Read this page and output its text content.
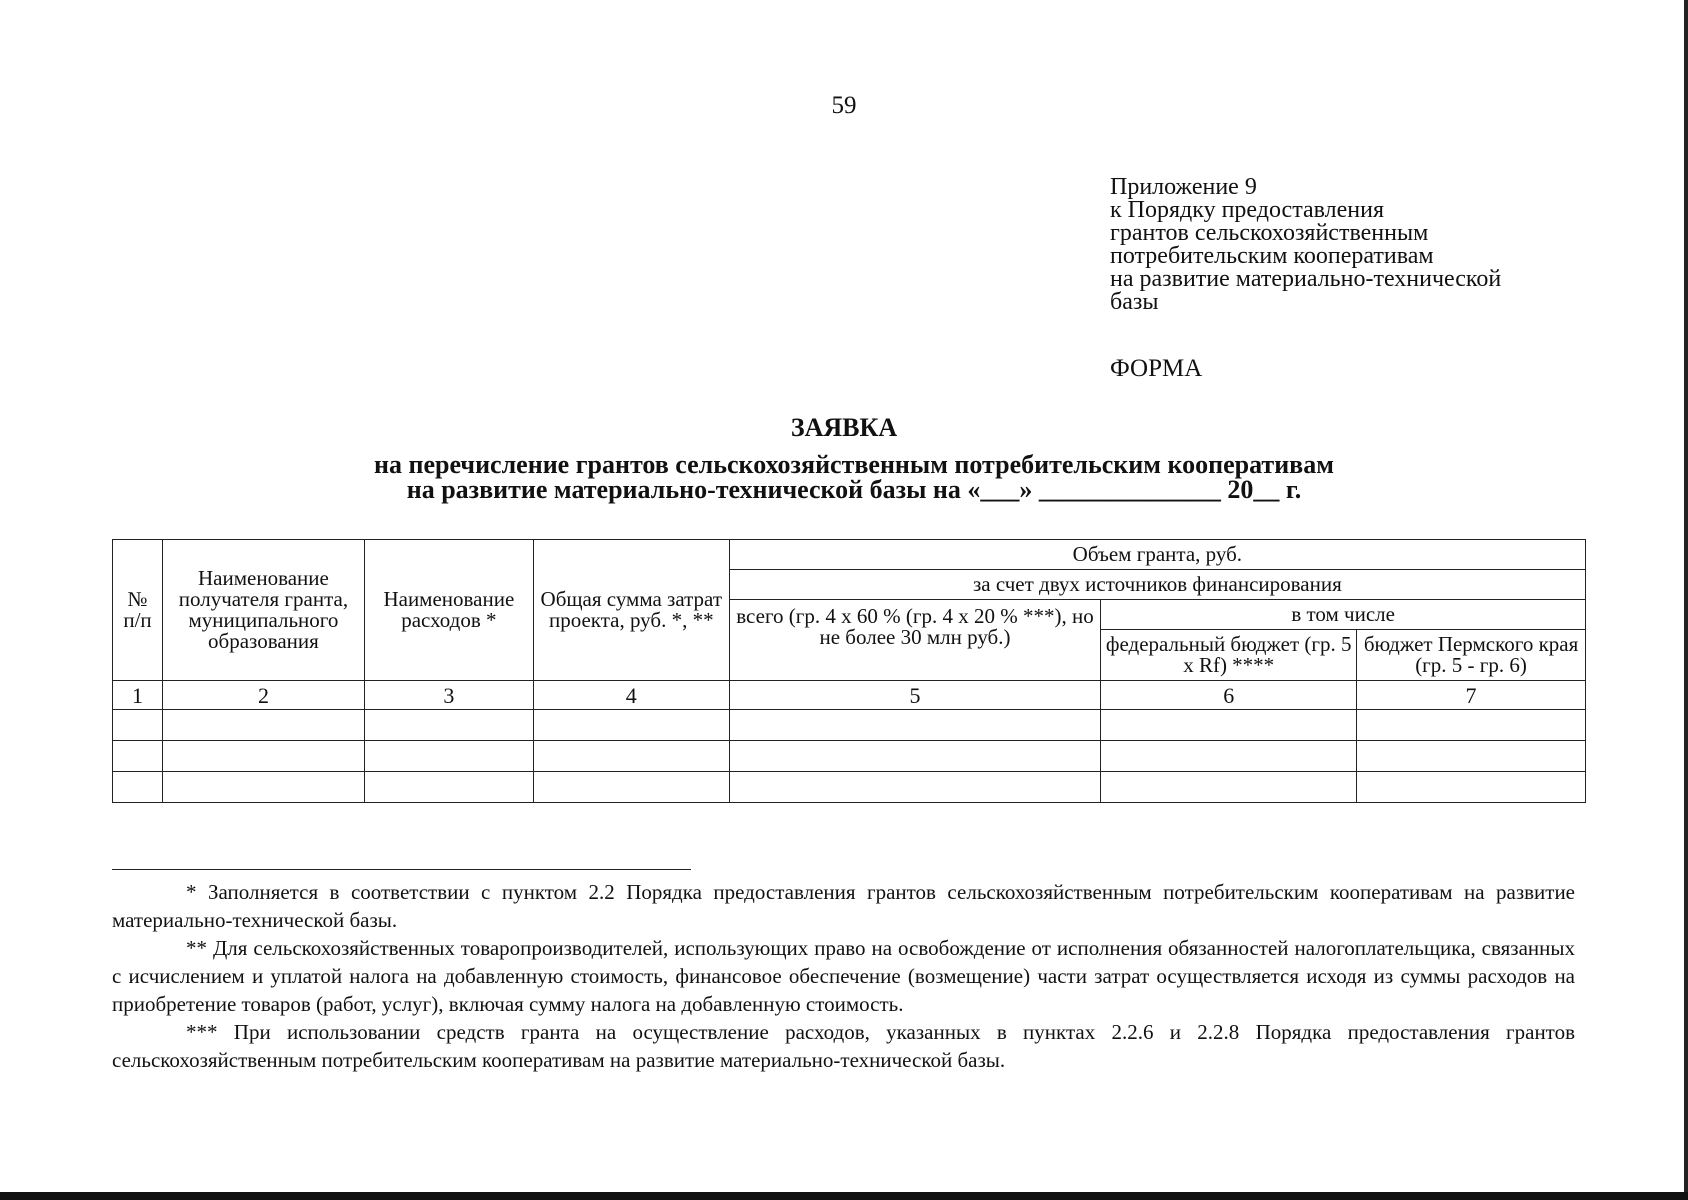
59
Приложение 9
к Порядку предоставления
грантов сельскохозяйственным
потребительским кооперативам
на развитие материально-технической
базы
ФОРМА
ЗАЯВКА
на перечисление грантов сельскохозяйственным потребительским кооперативам
на развитие материально-технической базы на «___» ______________ 20__ г.
№ п/п	Наименование получателя гранта, муниципального образования	Наименование расходов *	Общая сумма затрат проекта, руб. *, **	Объем гранта, руб.		
				за счет двух источников финансирования		
				всего (гр. 4 х 60 % (гр. 4 х 20 % ***), но не более 30 млн руб.)	в том числе	
					федеральный бюджет (гр. 5 х Rf) ****	бюджет Пермского края (гр. 5 - гр. 6)
1	2	3	4	5	6	7

* Заполняется в соответствии с пунктом 2.2 Порядка предоставления грантов сельскохозяйственным потребительским кооперативам на развитие материально-технической базы.

** Для сельскохозяйственных товаропроизводителей, использующих право на освобождение от исполнения обязанностей налогоплательщика, связанных с исчислением и уплатой налога на добавленную стоимость, финансовое обеспечение (возмещение) части затрат осуществляется исходя из суммы расходов на приобретение товаров (работ, услуг), включая сумму налога на добавленную стоимость.

*** При использовании средств гранта на осуществление расходов, указанных в пунктах 2.2.6 и 2.2.8 Порядка предоставления грантов сельскохозяйственным потребительским кооперативам на развитие материально-технической базы.
